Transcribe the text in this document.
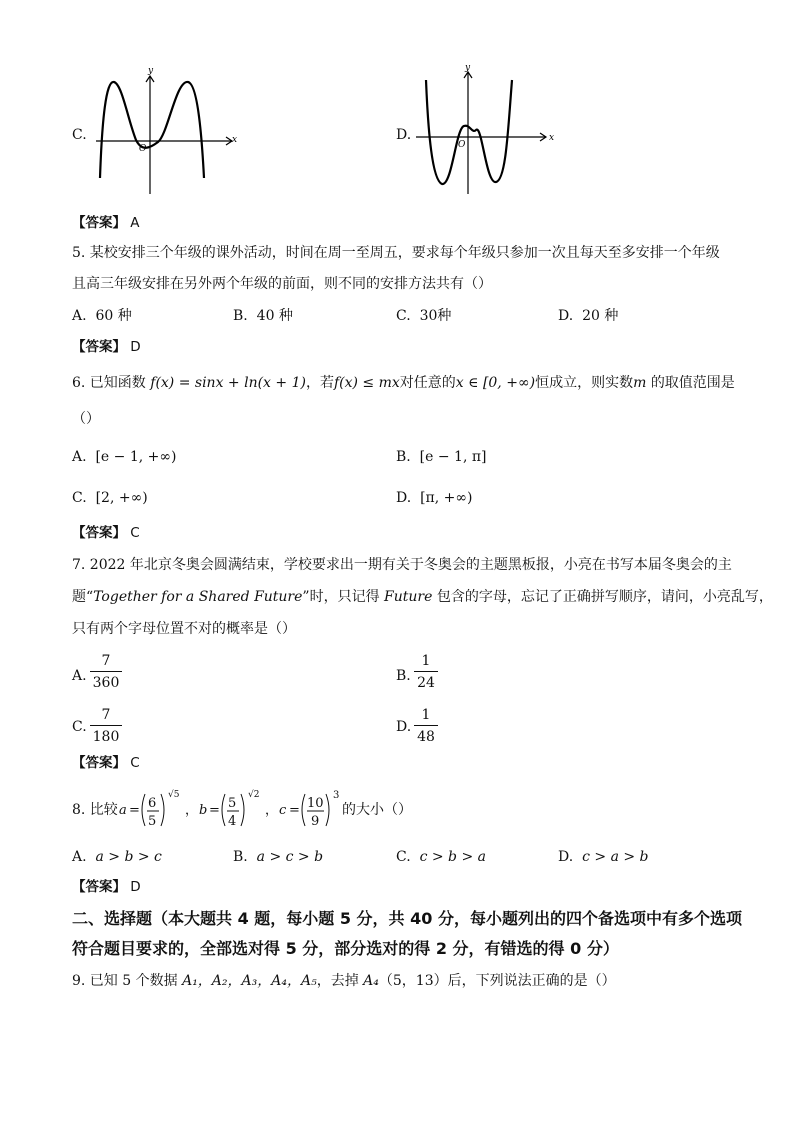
C.	x
y
O
D.	x
y
O
【答案】 A
5. 某校安排三个年级的课外活动，时间在周一至周五，要求每个年级只参加一次且每天至多安排一个年级
且高三年级安排在另外两个年级的前面，则不同的安排方法共有（）
A. 60 种	B. 40 种	C. 30种	D. 20 种
【答案】 D
6. 已知函数 f(x) = sinx + ln(x + 1)，若f(x) ≤ mx对任意的x ∈ [0, +∞)恒成立，则实数m 的取值范围是
（）
A. [e − 1, +∞)	B. [e − 1, π]
C. [2, +∞)	D. [π, +∞)
【答案】 C
7. 2022 年北京冬奥会圆满结束，学校要求出一期有关于冬奥会的主题黑板报，小亮在书写本届冬奥会的主
题“Together for a Shared Future”时，只记得 Future 包含的字母，忘记了正确拼写顺序，请问，小亮乱写，
只有两个字母位置不对的概率是（）
A.
7
360	B.
1
24
C.
7
180
D.
1
48
【答案】 C
8. 比较 a = 6
5
√5
， b = 5
4
√2
， c = 10
9
3
的大小（）
A. a > b > c	B. a > c > b	C. c > b > a	D. c > a > b
【答案】 D
二、选择题（本大题共 4 题，每小题 5 分，共 40 分，每小题列出的四个备选项中有多个选项
符合题目要求的，全部选对得 5 分，部分选对的得 2 分，有错选的得 0 分）
9. 已知 5 个数据 A₁，A₂，A₃，A₄，A₅，去掉 A₄（5，13）后，下列说法正确的是（）
